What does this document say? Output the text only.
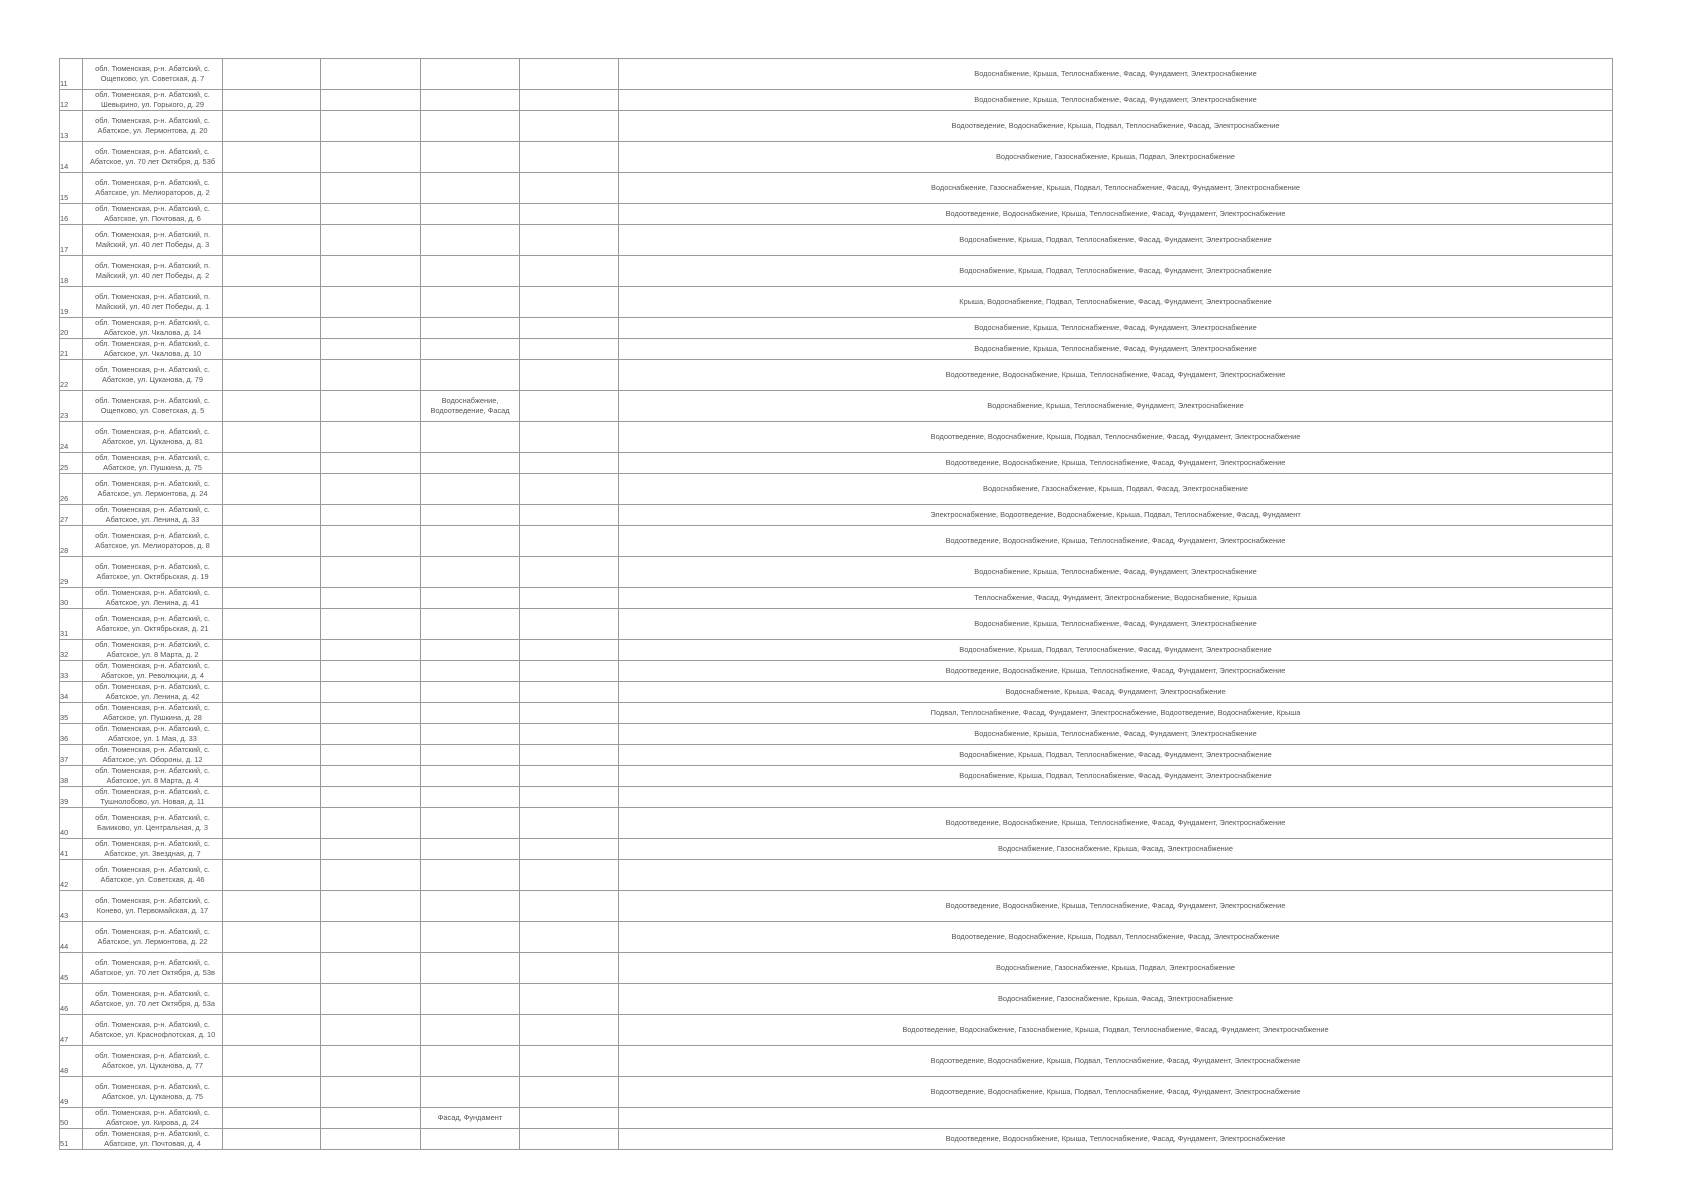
11	обл. Тюменская, р-н. Абатский, с.
Ощепково, ул. Советская, д. 7					Водоснабжение, Крыша, Теплоснабжение, Фасад, Фундамент, Электроснабжение
12	обл. Тюменская, р-н. Абатский, с.
Шевырино, ул. Горького, д. 29					Водоснабжение, Крыша, Теплоснабжение, Фасад, Фундамент, Электроснабжение
13	обл. Тюменская, р-н. Абатский, с.
Абатское, ул. Лермонтова, д. 20					Водоотведение, Водоснабжение, Крыша, Подвал, Теплоснабжение, Фасад, Электроснабжение
14	обл. Тюменская, р-н. Абатский, с.
Абатское, ул. 70 лет Октября, д. 53б					Водоснабжение, Газоснабжение, Крыша, Подвал, Электроснабжение
15	обл. Тюменская, р-н. Абатский, с.
Абатское, ул. Мелиораторов, д. 2					Водоснабжение, Газоснабжение, Крыша, Подвал, Теплоснабжение, Фасад, Фундамент, Электроснабжение
16	обл. Тюменская, р-н. Абатский, с.
Абатское, ул. Почтовая, д. 6					Водоотведение, Водоснабжение, Крыша, Теплоснабжение, Фасад, Фундамент, Электроснабжение
17	обл. Тюменская, р-н. Абатский, п.
Майский, ул. 40 лет Победы, д. 3					Водоснабжение, Крыша, Подвал, Теплоснабжение, Фасад, Фундамент, Электроснабжение
18	обл. Тюменская, р-н. Абатский, п.
Майский, ул. 40 лет Победы, д. 2					Водоснабжение, Крыша, Подвал, Теплоснабжение, Фасад, Фундамент, Электроснабжение
19	обл. Тюменская, р-н. Абатский, п.
Майский, ул. 40 лет Победы, д. 1					Крыша, Водоснабжение, Подвал, Теплоснабжение, Фасад, Фундамент, Электроснабжение
20	обл. Тюменская, р-н. Абатский, с.
Абатское, ул. Чкалова, д. 14					Водоснабжение, Крыша, Теплоснабжение, Фасад, Фундамент, Электроснабжение
21	обл. Тюменская, р-н. Абатский, с.
Абатское, ул. Чкалова, д. 10					Водоснабжение, Крыша, Теплоснабжение, Фасад, Фундамент, Электроснабжение
22	обл. Тюменская, р-н. Абатский, с.
Абатское, ул. Цуканова, д. 79					Водоотведение, Водоснабжение, Крыша, Теплоснабжение, Фасад, Фундамент, Электроснабжение
23	обл. Тюменская, р-н. Абатский, с.
Ощепково, ул. Советская, д. 5			Водоснабжение,
Водоотведение, Фасад		Водоснабжение, Крыша, Теплоснабжение, Фундамент, Электроснабжение
24	обл. Тюменская, р-н. Абатский, с.
Абатское, ул. Цуканова, д. 81					Водоотведение, Водоснабжение, Крыша, Подвал, Теплоснабжение, Фасад, Фундамент, Электроснабжение
25	обл. Тюменская, р-н. Абатский, с.
Абатское, ул. Пушкина, д. 75					Водоотведение, Водоснабжение, Крыша, Теплоснабжение, Фасад, Фундамент, Электроснабжение
26	обл. Тюменская, р-н. Абатский, с.
Абатское, ул. Лермонтова, д. 24					Водоснабжение, Газоснабжение, Крыша, Подвал, Фасад, Электроснабжение
27	обл. Тюменская, р-н. Абатский, с.
Абатское, ул. Ленина, д. 33					Электроснабжение, Водоотведение, Водоснабжение, Крыша, Подвал, Теплоснабжение, Фасад, Фундамент
28	обл. Тюменская, р-н. Абатский, с.
Абатское, ул. Мелиораторов, д. 8					Водоотведение, Водоснабжение, Крыша, Теплоснабжение, Фасад, Фундамент, Электроснабжение
29	обл. Тюменская, р-н. Абатский, с.
Абатское, ул. Октябрьская, д. 19					Водоснабжение, Крыша, Теплоснабжение, Фасад, Фундамент, Электроснабжение
30	обл. Тюменская, р-н. Абатский, с.
Абатское, ул. Ленина, д. 41					Теплоснабжение, Фасад, Фундамент, Электроснабжение, Водоснабжение, Крыша
31	обл. Тюменская, р-н. Абатский, с.
Абатское, ул. Октябрьская, д. 21					Водоснабжение, Крыша, Теплоснабжение, Фасад, Фундамент, Электроснабжение
32	обл. Тюменская, р-н. Абатский, с.
Абатское, ул. 8 Марта, д. 2					Водоснабжение, Крыша, Подвал, Теплоснабжение, Фасад, Фундамент, Электроснабжение
33	обл. Тюменская, р-н. Абатский, с.
Абатское, ул. Революции, д. 4					Водоотведение, Водоснабжение, Крыша, Теплоснабжение, Фасад, Фундамент, Электроснабжение
34	обл. Тюменская, р-н. Абатский, с.
Абатское, ул. Ленина, д. 42					Водоснабжение, Крыша, Фасад, Фундамент, Электроснабжение
35	обл. Тюменская, р-н. Абатский, с.
Абатское, ул. Пушкина, д. 28					Подвал, Теплоснабжение, Фасад, Фундамент, Электроснабжение, Водоотведение, Водоснабжение, Крыша
36	обл. Тюменская, р-н. Абатский, с.
Абатское, ул. 1 Мая, д. 33					Водоснабжение, Крыша, Теплоснабжение, Фасад, Фундамент, Электроснабжение
37	обл. Тюменская, р-н. Абатский, с.
Абатское, ул. Обороны, д. 12					Водоснабжение, Крыша, Подвал, Теплоснабжение, Фасад, Фундамент, Электроснабжение
38	обл. Тюменская, р-н. Абатский, с.
Абатское, ул. 8 Марта, д. 4					Водоснабжение, Крыша, Подвал, Теплоснабжение, Фасад, Фундамент, Электроснабжение
39	обл. Тюменская, р-н. Абатский, с.
Тушнолобово, ул. Новая, д. 11					
40	обл. Тюменская, р-н. Абатский, с.
Баииково, ул. Центральная, д. 3					Водоотведение, Водоснабжение, Крыша, Теплоснабжение, Фасад, Фундамент, Электроснабжение
41	обл. Тюменская, р-н. Абатский, с.
Абатское, ул. Звездная, д. 7					Водоснабжение, Газоснабжение, Крыша, Фасад, Электроснабжение
42	обл. Тюменская, р-н. Абатский, с.
Абатское, ул. Советская, д. 46					
43	обл. Тюменская, р-н. Абатский, с.
Конево, ул. Первомайская, д. 17					Водоотведение, Водоснабжение, Крыша, Теплоснабжение, Фасад, Фундамент, Электроснабжение
44	обл. Тюменская, р-н. Абатский, с.
Абатское, ул. Лермонтова, д. 22					Водоотведение, Водоснабжение, Крыша, Подвал, Теплоснабжение, Фасад, Электроснабжение
45	обл. Тюменская, р-н. Абатский, с.
Абатское, ул. 70 лет Октября, д. 53в					Водоснабжение, Газоснабжение, Крыша, Подвал, Электроснабжение
46	обл. Тюменская, р-н. Абатский, с.
Абатское, ул. 70 лет Октября, д. 53а					Водоснабжение, Газоснабжение, Крыша, Фасад, Электроснабжение
47	обл. Тюменская, р-н. Абатский, с.
Абатское, ул. Краснофлотская, д. 10					Водоотведение, Водоснабжение, Газоснабжение, Крыша, Подвал, Теплоснабжение, Фасад, Фундамент, Электроснабжение
48	обл. Тюменская, р-н. Абатский, с.
Абатское, ул. Цуканова, д. 77					Водоотведение, Водоснабжение, Крыша, Подвал, Теплоснабжение, Фасад, Фундамент, Электроснабжение
49	обл. Тюменская, р-н. Абатский, с.
Абатское, ул. Цуканова, д. 75					Водоотведение, Водоснабжение, Крыша, Подвал, Теплоснабжение, Фасад, Фундамент, Электроснабжение
50	обл. Тюменская, р-н. Абатский, с.
Абатское, ул. Кирова, д. 24			Фасад, Фундамент		
51	обл. Тюменская, р-н. Абатский, с.
Абатское, ул. Почтовая, д. 4					Водоотведение, Водоснабжение, Крыша, Теплоснабжение, Фасад, Фундамент, Электроснабжение
